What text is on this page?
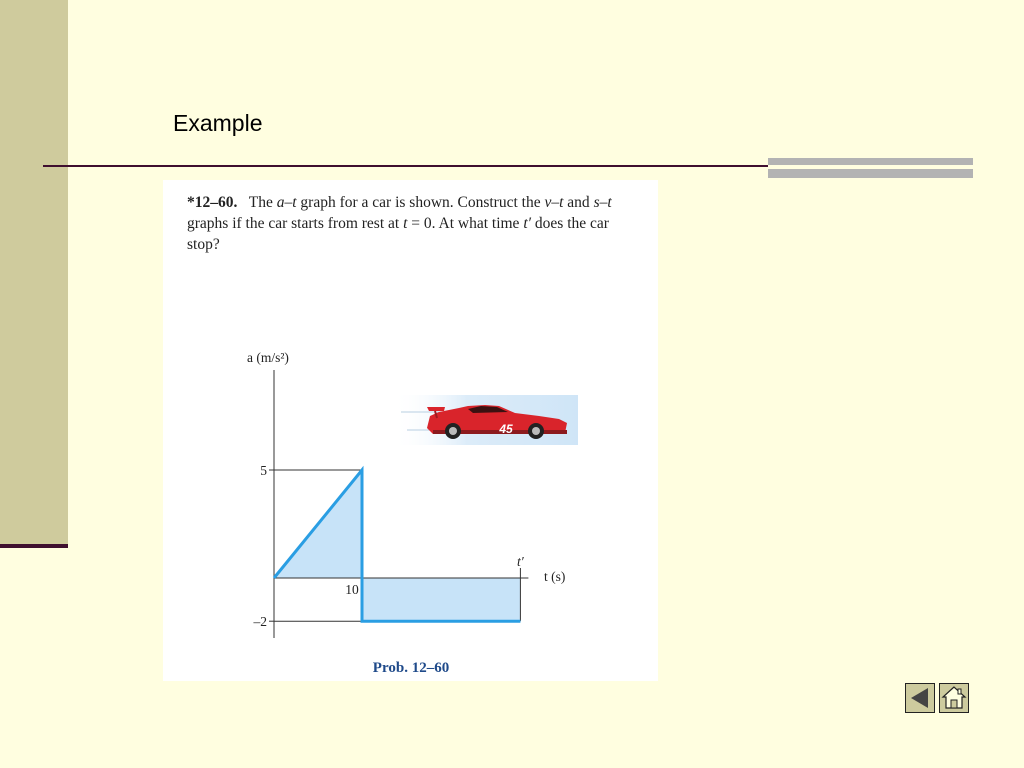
Example
*12–60. The a–t graph for a car is shown. Construct the v–t and s–t graphs if the car starts from rest at t = 0. At what time t′ does the car stop?
a (m/s²)
t (s)
5
–2
10
t′
Prob. 12–60
45
